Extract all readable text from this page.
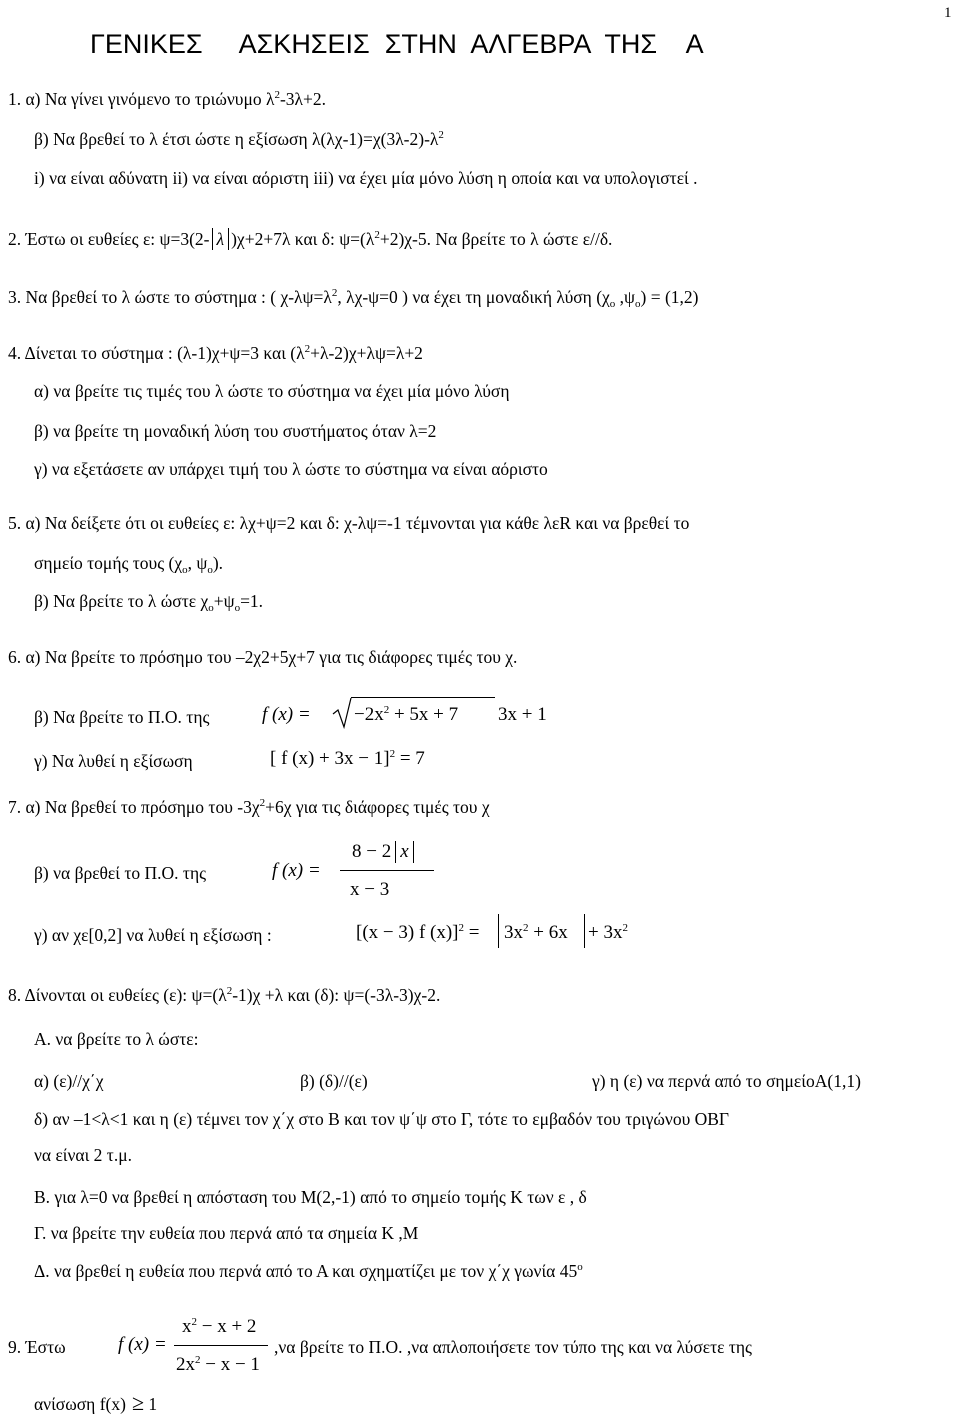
1
ΓΕΝΙΚΕΣ     ΑΣΚΗΣΕΙΣ  ΣΤΗΝ  ΑΛΓΕΒΡΑ  ΤΗΣ    Α
1. α) Να γίνει γινόμενο το τριώνυμο $\lambda^2-3\lambda+2$.
β) Να βρεθεί το λ έτσι ώστε η εξίσωση $\lambda(\lambda\chi-1)=\chi(3\lambda-2)-\lambda^2$
i) να είναι αδύνατη ii) να είναι αόριστη iii) να έχει μία μόνο λύση η οποία και να υπολογιστεί .
2. Έστω οι ευθείες ε: ψ=3(2- λ )χ+2+7λ και δ: $\psi=(\lambda^2+2)\chi-5$. Να βρείτε το λ ώστε ε//δ.
3. Να βρεθεί το λ ώστε το σύστημα : ( $\chi-\lambda\psi=\lambda^2$, λχ-ψ=0 ) να έχει τη μοναδική λύση ($\chi_o$ $,\psi_o) = (1,2)$
4. Δίνεται το σύστημα : (λ-1)χ+ψ=3 και $(\lambda^2+\lambda-2)\chi+\lambda\psi=\lambda+2$
α) να βρείτε τις τιμές του λ ώστε το σύστημα να έχει μία μόνο λύση
β) να βρείτε τη μοναδική λύση του συστήματος όταν λ=2
γ) να εξετάσετε αν υπάρχει τιμή του λ ώστε το σύστημα να είναι αόριστο
5. α) Να δείξετε ότι οι ευθείες ε: λχ+ψ=2 και δ: χ-λψ=-1 τέμνονται για κάθε λεR και να βρεθεί το
σημείο τομής τους ($\chi_o$, $\psi_o$).
β) Να βρείτε το λ ώστε $\chi_o+\psi_o=1$.
6. α) Να βρείτε το πρόσημο του –2χ2+5χ+7 για τις διάφορες τιμές του χ.
β) Να βρείτε το Π.Ο. της	f $(x) = -2x^2 + 5x + 7$ 3x + 1
γ) Να λυθεί η εξίσωση	[ f (x) + 3x − 1]$^2$ = 7
7. α) Να βρεθεί το πρόσημο του $-3\chi^2+6\chi$ για τις διάφορες τιμές του χ
β) να βρεθεί το Π.Ο. της	f (x) =
8 − 2 x
x − 3
γ) αν χε[0,2] να λυθεί η εξίσωση :	[(x − 3) f $(x)]^2 = 3x^2 + 6x + 3x^2$
8. Δίνονται οι ευθείες (ε): $\psi=(\lambda^2-1)\chi +\lambda$ και (δ): ψ=(-3λ-3)χ-2.
Α. να βρείτε το λ ώστε:
α) (ε)//χ΄χ	β) (δ)//(ε)	γ) η (ε) να περνά από το σημείοΑ(1,1)
δ) αν –1<λ<1 και η (ε) τέμνει τον χ΄χ στο Β και τον ψ΄ψ στο Γ, τότε το εμβαδόν του τριγώνου ΟΒΓ
να είναι 2 τ.μ.
Β. για λ=0 να βρεθεί η απόσταση του Μ(2,-1) από το σημείο τομής Κ των ε , δ
Γ. να βρείτε την ευθεία που περνά από τα σημεία Κ ,Μ
Δ. να βρεθεί η ευθεία που περνά από το Α και σχηματίζει με τον χ΄χ γωνία $45^o$
9. Έστω	f (x) =
$x^2 - x + 2$
$2x^2 - x - 1$
,να βρείτε το Π.Ο. ,να απλοποιήσετε τον τύπο της και να λύσετε της
ανίσωση f(x) ≥ 1
